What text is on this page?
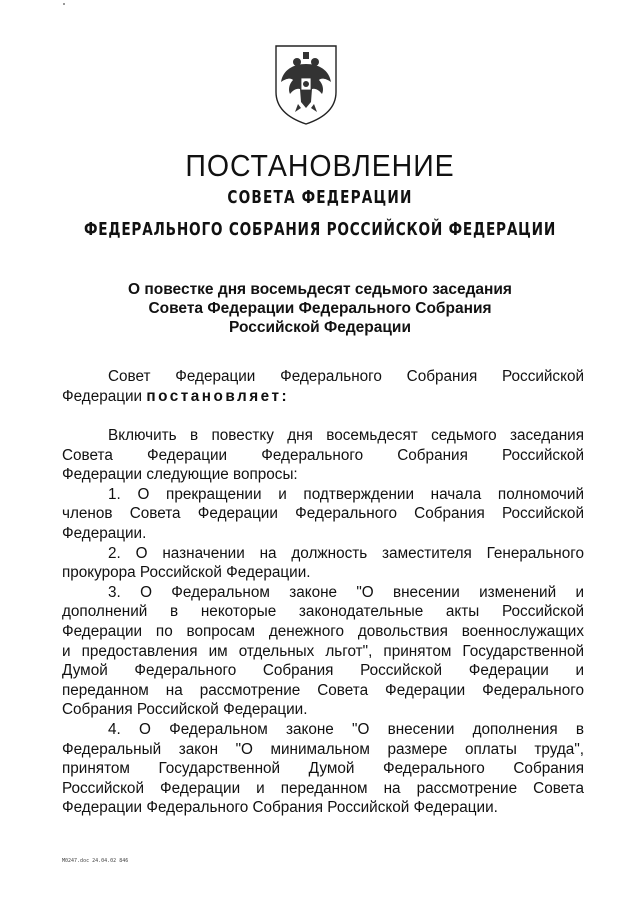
ПОСТАНОВЛЕНИЕ
СОВЕТА ФЕДЕРАЦИИ
ФЕДЕРАЛЬНОГО СОБРАНИЯ РОССИЙСКОЙ ФЕДЕРАЦИИ
О повестке дня восемьдесят седьмого заседания
Совета Федерации Федерального Собрания
Российской Федерации
Совет Федерации Федерального Собрания Российской
Федерации постановляет:
Включить в повестку дня восемьдесят седьмого заседания
Совета Федерации Федерального Собрания Российской
Федерации следующие вопросы:
1. О прекращении и подтверждении начала полномочий
членов Совета Федерации Федерального Собрания Российской
Федерации.
2. О назначении на должность заместителя Генерального
прокурора Российской Федерации.
3. О Федеральном законе "О внесении изменений и
дополнений в некоторые законодательные акты Российской
Федерации по вопросам денежного довольствия военнослужащих
и предоставления им отдельных льгот", принятом Государственной
Думой Федерального Собрания Российской Федерации и
переданном на рассмотрение Совета Федерации Федерального
Собрания Российской Федерации.
4. О Федеральном законе "О внесении дополнения в
Федеральный закон "О минимальном размере оплаты труда",
принятом Государственной Думой Федерального Собрания
Российской Федерации и переданном на рассмотрение Совета
Федерации Федерального Собрания Российской Федерации.
M0247.doc 24.04.02 846
